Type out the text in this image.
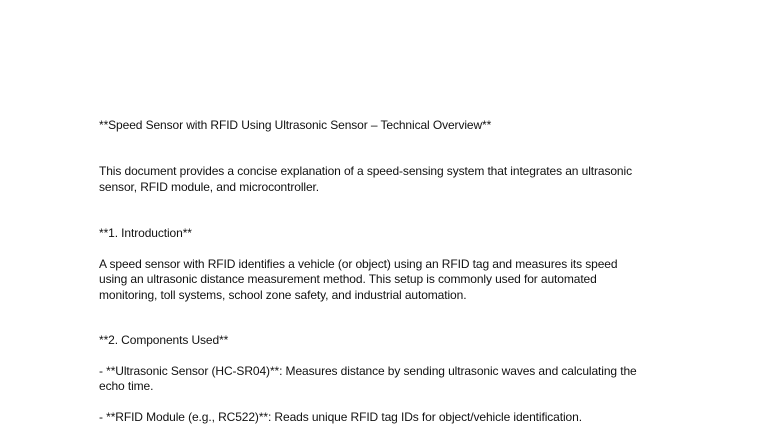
**Speed Sensor with RFID Using Ultrasonic Sensor – Technical Overview**
This document provides a concise explanation of a speed-sensing system that integrates an ultrasonic
sensor, RFID module, and microcontroller.
**1. Introduction**
A speed sensor with RFID identifies a vehicle (or object) using an RFID tag and measures its speed
using an ultrasonic distance measurement method. This setup is commonly used for automated
monitoring, toll systems, school zone safety, and industrial automation.
**2. Components Used**
- **Ultrasonic Sensor (HC-SR04)**: Measures distance by sending ultrasonic waves and calculating the
echo time.
- **RFID Module (e.g., RC522)**: Reads unique RFID tag IDs for object/vehicle identification.
